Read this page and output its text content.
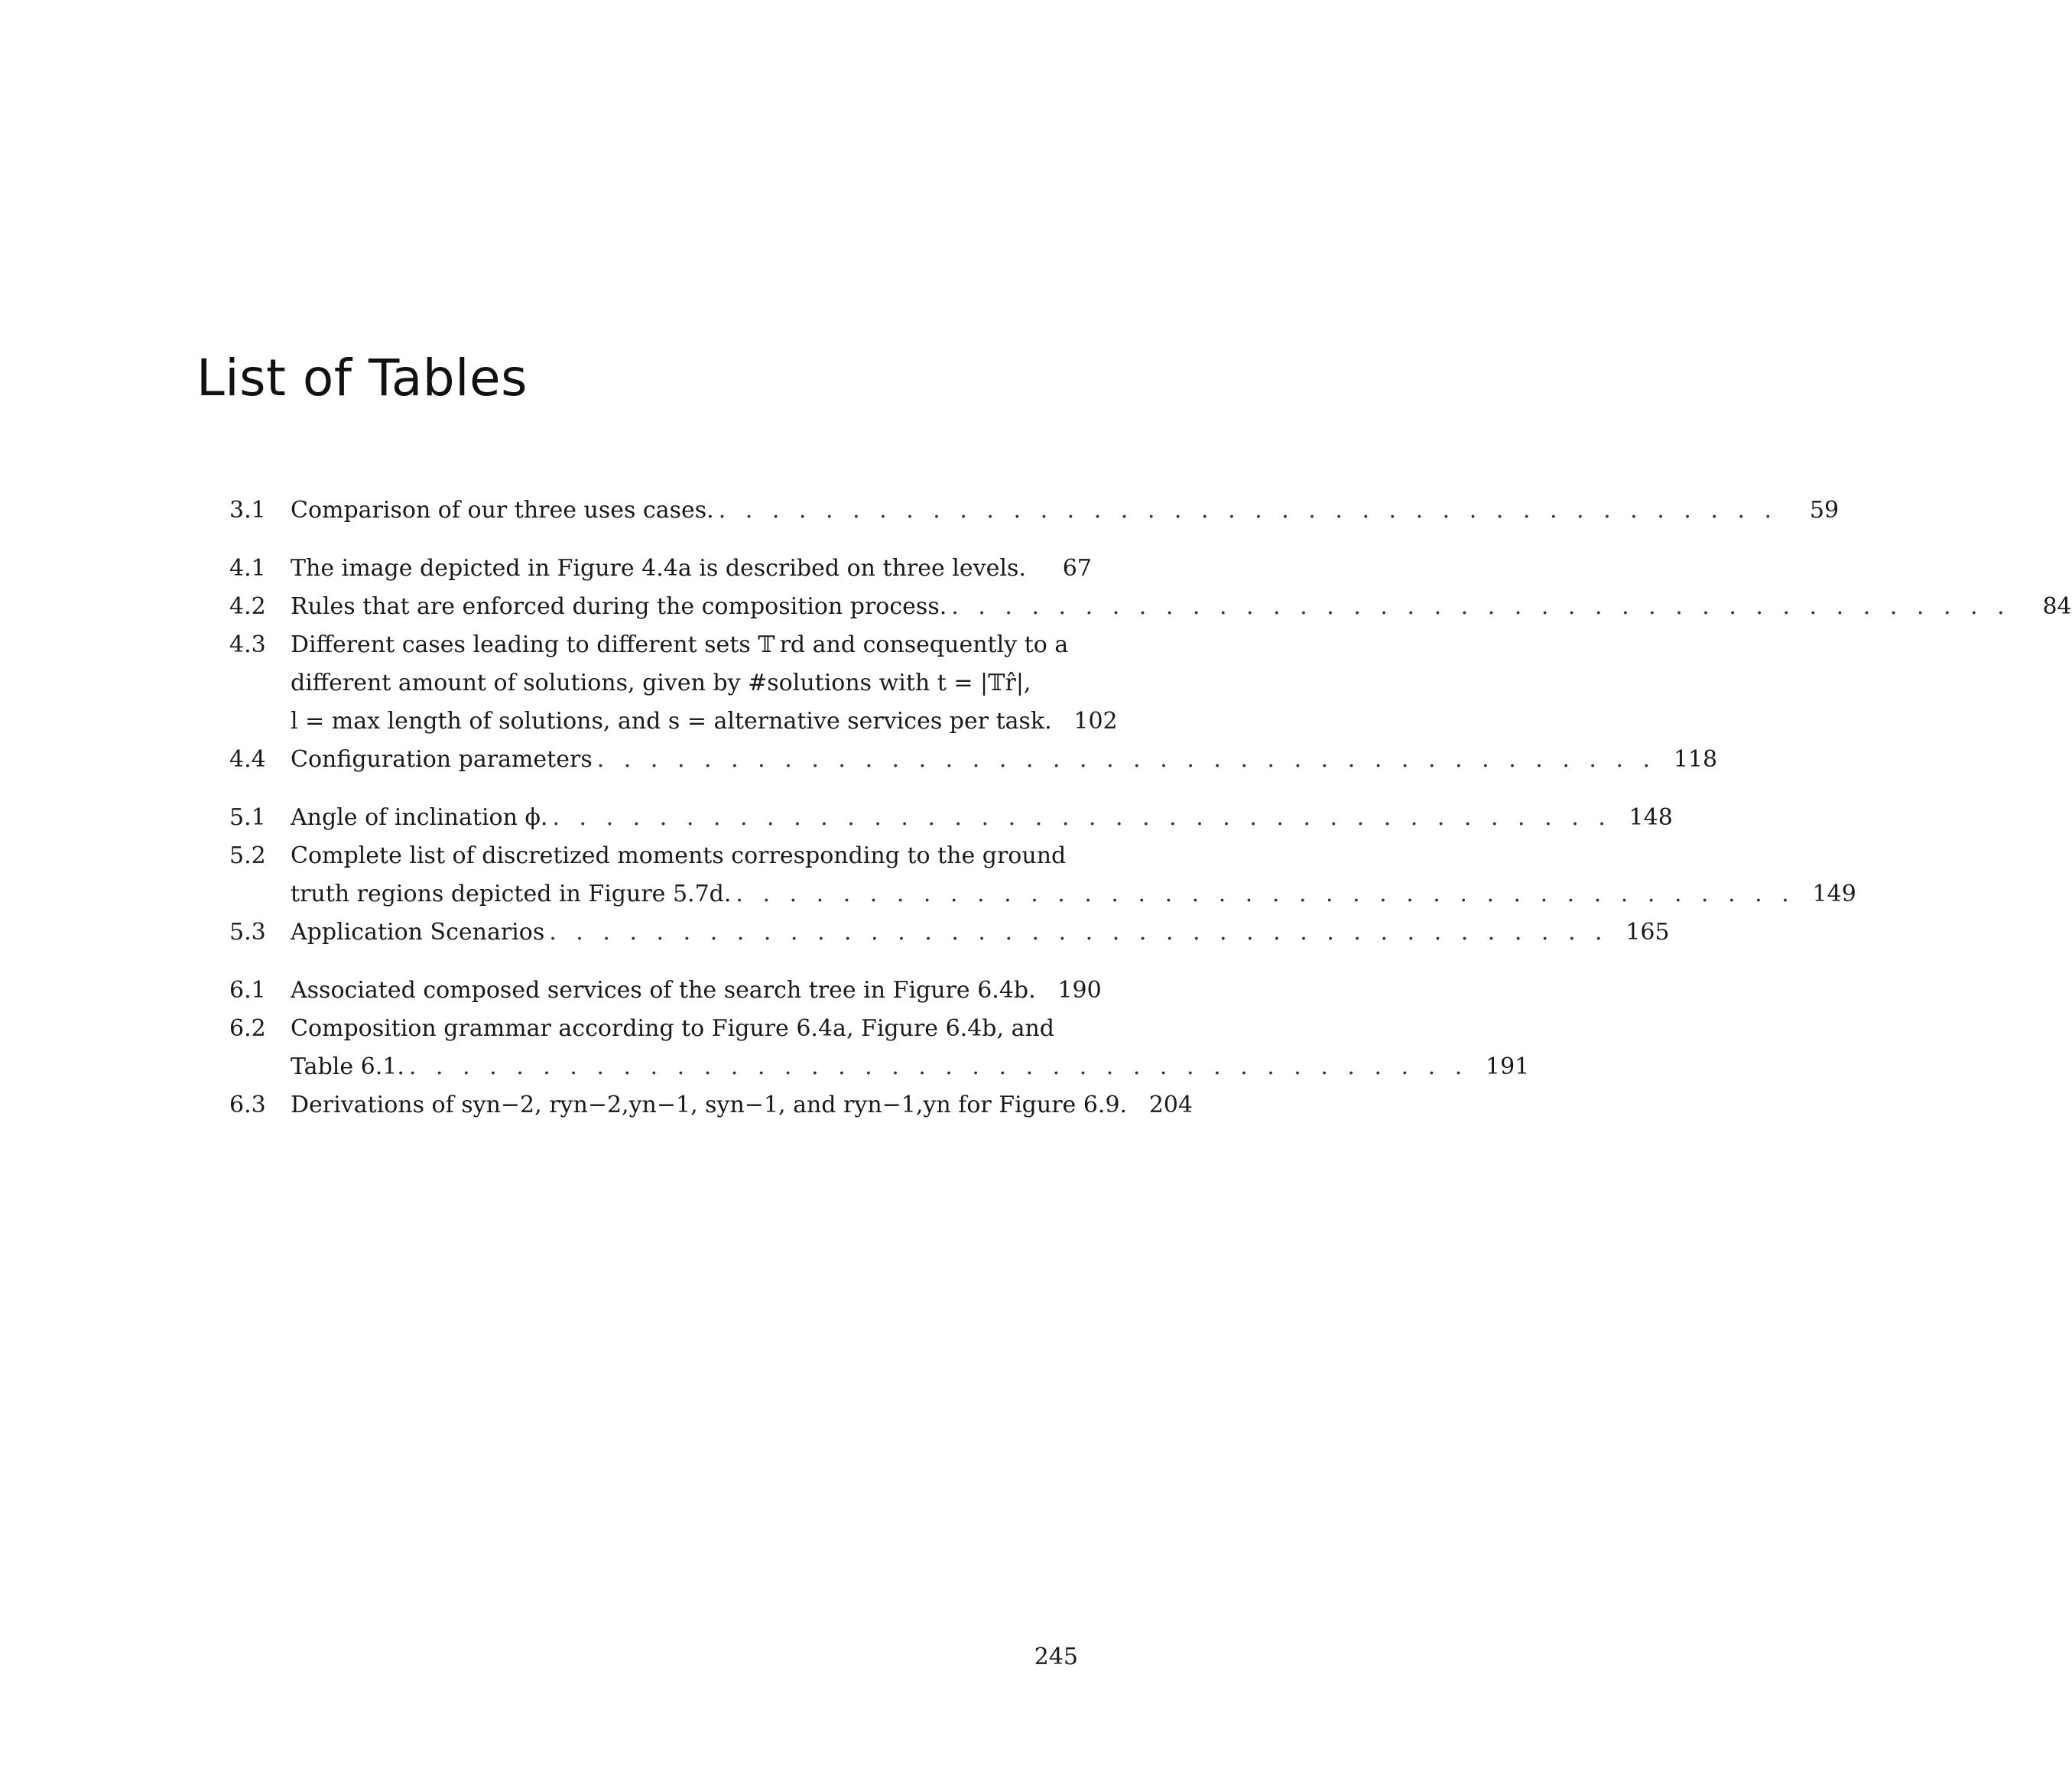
List of Tables
3.1	Comparison of our three uses cases. . . . . . . . . . . . . . . . . . . . . . . . . . . . . . . . . . . . . . . . .	59
4.1	The image depicted in Figure 4.4a is described on three levels.	67
4.2	Rules that are enforced during the composition process. . . . . . . . . . . . . . . . . . . . . . . . . . . . . . . . . . . . . . . . .	84
4.3	Different cases leading to different sets 𝕋 rd and consequently to a
different amount of solutions, given by #solutions with t = |𝕋r̂|,
l = max length of solutions, and s = alternative services per task. 102
4.4	Configuration parameters . . . . . . . . . . . . . . . . . . . . . . . . . . . . . . . . . . . . . . . . 118
5.1	Angle of inclination ϕ. . . . . . . . . . . . . . . . . . . . . . . . . . . . . . . . . . . . . . . . . 148
5.2	Complete list of discretized moments corresponding to the ground
truth regions depicted in Figure 5.7d. . . . . . . . . . . . . . . . . . . . . . . . . . . . . . . . . . . . . . . . . 149
5.3	Application Scenarios . . . . . . . . . . . . . . . . . . . . . . . . . . . . . . . . . . . . . . . . 165
6.1	Associated composed services of the search tree in Figure 6.4b. 190
6.2	Composition grammar according to Figure 6.4a, Figure 6.4b, and
Table 6.1. . . . . . . . . . . . . . . . . . . . . . . . . . . . . . . . . . . . . . . . . 191
6.3	Derivations of syn−2, ryn−2,yn−1, syn−1, and ryn−1,yn for Figure 6.9. 204
245
